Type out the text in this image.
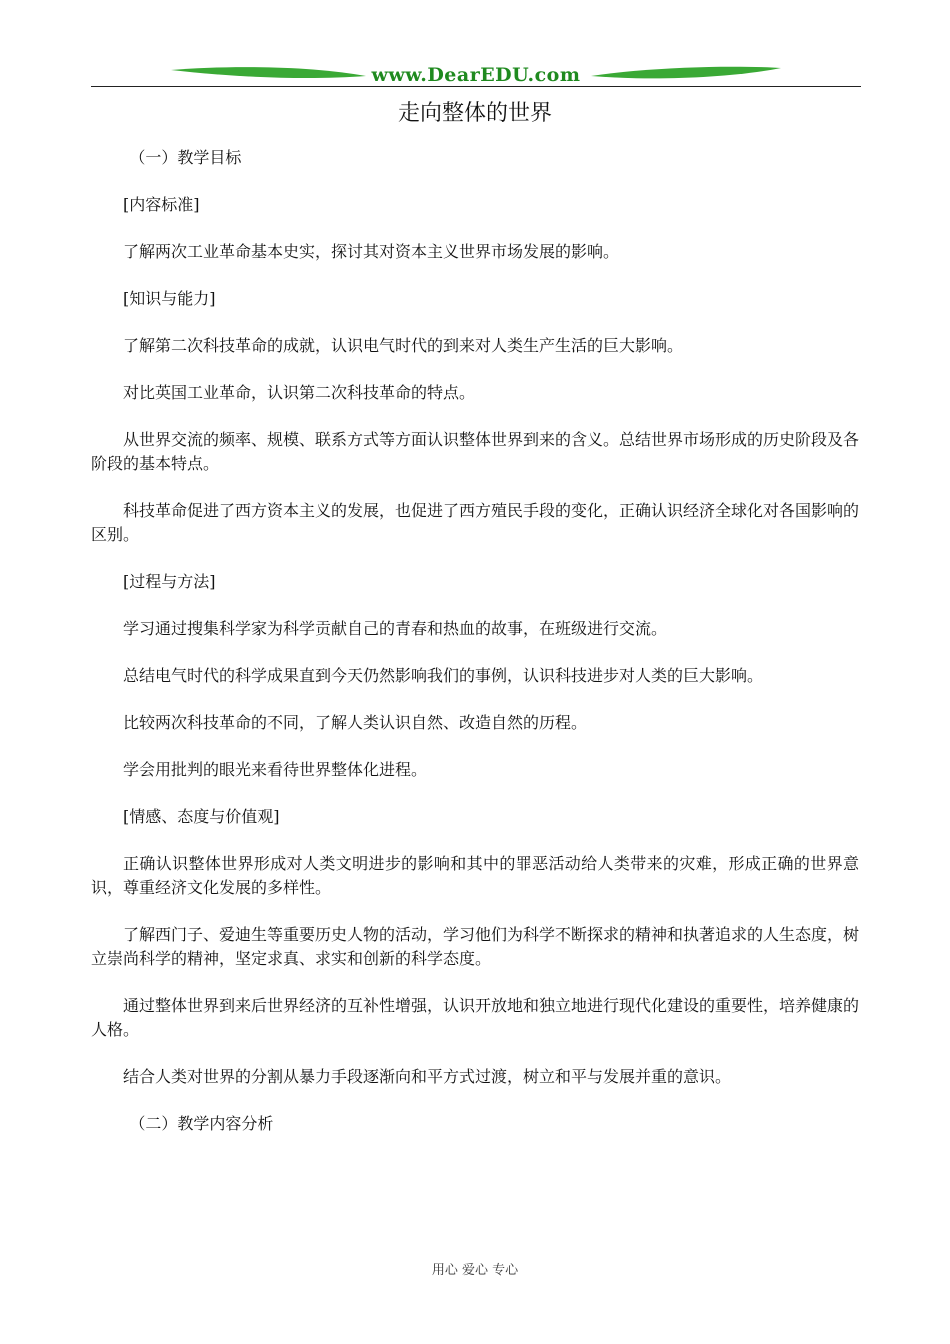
www.DearEDU.com
走向整体的世界

（一）教学目标

[内容标准]

了解两次工业革命基本史实，探讨其对资本主义世界市场发展的影响。

[知识与能力]

了解第二次科技革命的成就，认识电气时代的到来对人类生产生活的巨大影响。

对比英国工业革命，认识第二次科技革命的特点。

从世界交流的频率、规模、联系方式等方面认识整体世界到来的含义。总结世界市场形成的历史阶段及各阶段的基本特点。

科技革命促进了西方资本主义的发展，也促进了西方殖民手段的变化，正确认识经济全球化对各国影响的区别。

[过程与方法]

学习通过搜集科学家为科学贡献自己的青春和热血的故事，在班级进行交流。

总结电气时代的科学成果直到今天仍然影响我们的事例，认识科技进步对人类的巨大影响。

比较两次科技革命的不同，了解人类认识自然、改造自然的历程。

学会用批判的眼光来看待世界整体化进程。

[情感、态度与价值观]

正确认识整体世界形成对人类文明进步的影响和其中的罪恶活动给人类带来的灾难，形成正确的世界意识，尊重经济文化发展的多样性。

了解西门子、爱迪生等重要历史人物的活动，学习他们为科学不断探求的精神和执著追求的人生态度，树立崇尚科学的精神，坚定求真、求实和创新的科学态度。

通过整体世界到来后世界经济的互补性增强，认识开放地和独立地进行现代化建设的重要性，培养健康的人格。

结合人类对世界的分割从暴力手段逐渐向和平方式过渡，树立和平与发展并重的意识。

（二）教学内容分析

用心 爱心 专心
